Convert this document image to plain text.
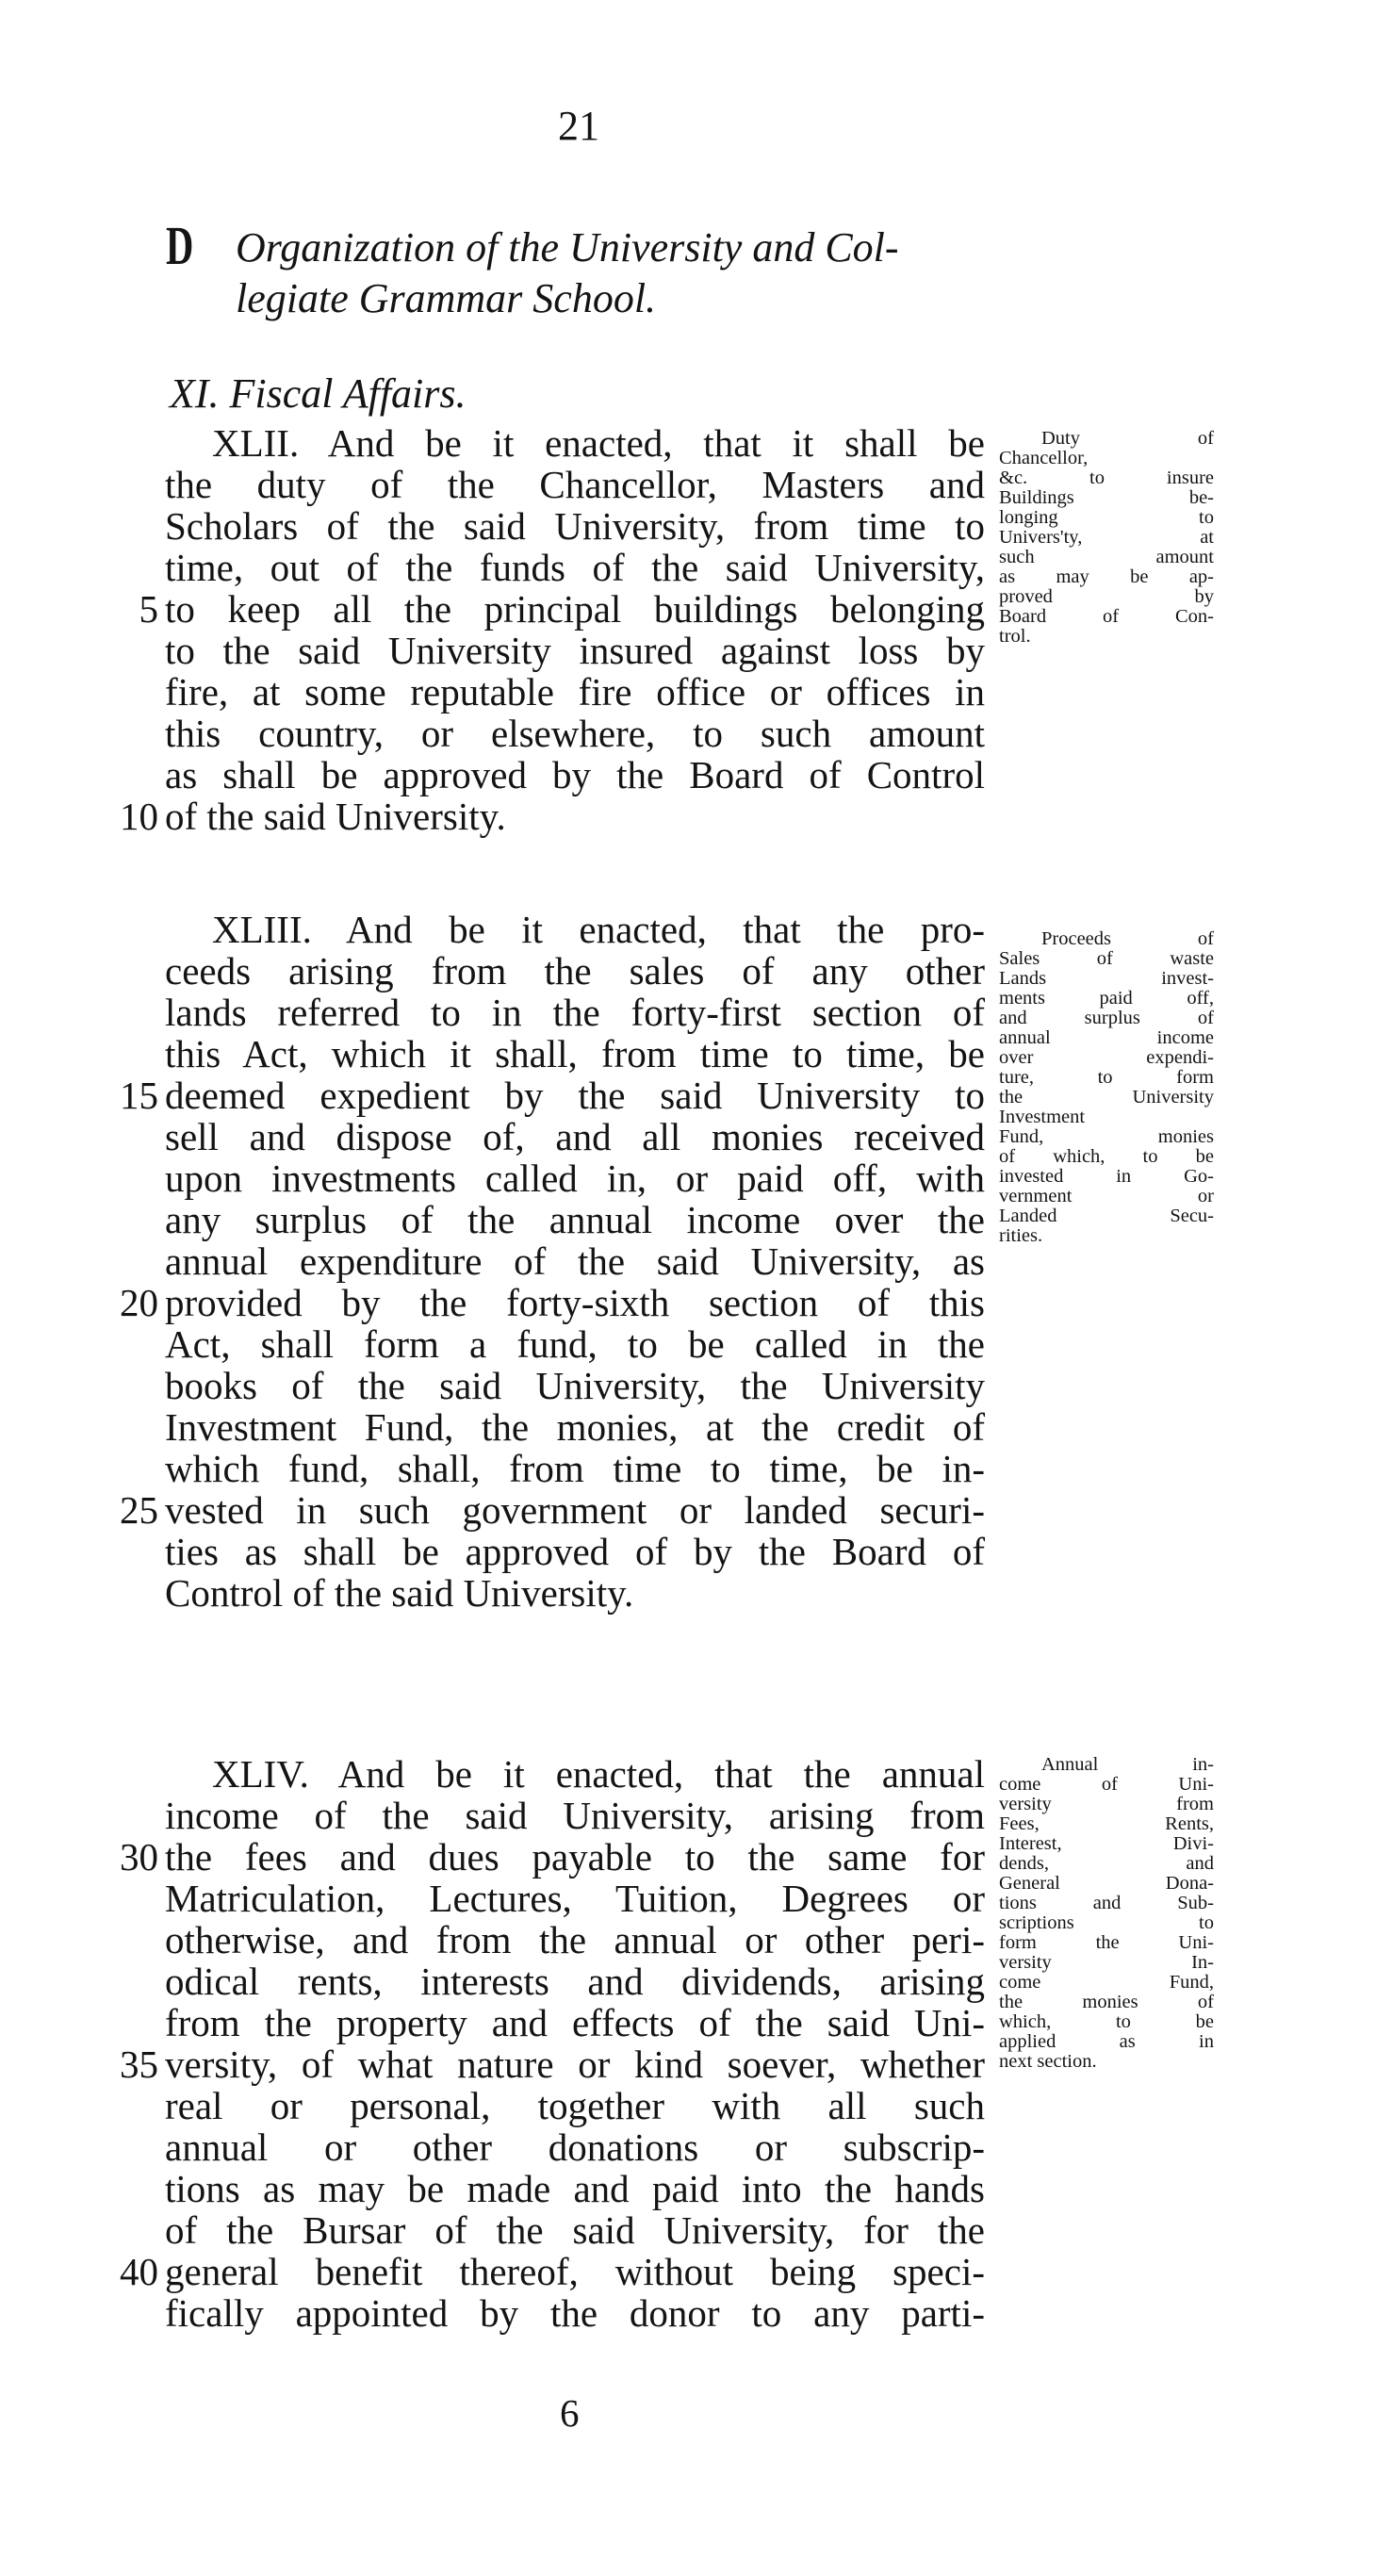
21
D Organization of the University and Col-
legiate Grammar School.
XI. Fiscal Affairs.
XLII. And be it enacted, that it shall be
the duty of the Chancellor, Masters and
Scholars of the said University, from time to
time, out of the funds of the said University,
to keep all the principal buildings belonging
to the said University insured against loss by
fire, at some reputable fire office or offices in
this country, or elsewhere, to such amount
as shall be approved by the Board of Control
of the said University.
XLIII. And be it enacted, that the pro-
ceeds arising from the sales of any other
lands referred to in the forty-first section of
this Act, which it shall, from time to time, be
deemed expedient by the said University to
sell and dispose of, and all monies received
upon investments called in, or paid off, with
any surplus of the annual income over the
annual expenditure of the said University, as
provided by the forty-sixth section of this
Act, shall form a fund, to be called in the
books of the said University, the University
Investment Fund, the monies, at the credit of
which fund, shall, from time to time, be in-
vested in such government or landed securi-
ties as shall be approved of by the Board of
Control of the said University.
XLIV. And be it enacted, that the annual
income of the said University, arising from
the fees and dues payable to the same for
Matriculation, Lectures, Tuition, Degrees or
otherwise, and from the annual or other peri-
odical rents, interests and dividends, arising
from the property and effects of the said Uni-
versity, of what nature or kind soever, whether
real or personal, together with all such
annual or other donations or subscrip-
tions as may be made and paid into the hands
of the Bursar of the said University, for the
general benefit thereof, without being speci-
fically appointed by the donor to any parti-
5
10
15
20
25
30
35
40
Duty of
Chancellor,
&c. to insure
Buildings be-
longing to
Univers'ty, at
such amount
as may be ap-
proved by
Board of Con-
trol.
Proceeds of
Sales of waste
Lands invest-
ments paid off,
and surplus of
annual income
over expendi-
ture, to form
the University
Investment
Fund, monies
of which, to be
invested in Go-
vernment or
Landed Secu-
rities.
Annual in-
come of Uni-
versity from
Fees, Rents,
Interest, Divi-
dends, and
General Dona-
tions and Sub-
scriptions to
form the Uni-
versity In-
come Fund,
the monies of
which, to be
applied as in
next section.
6
